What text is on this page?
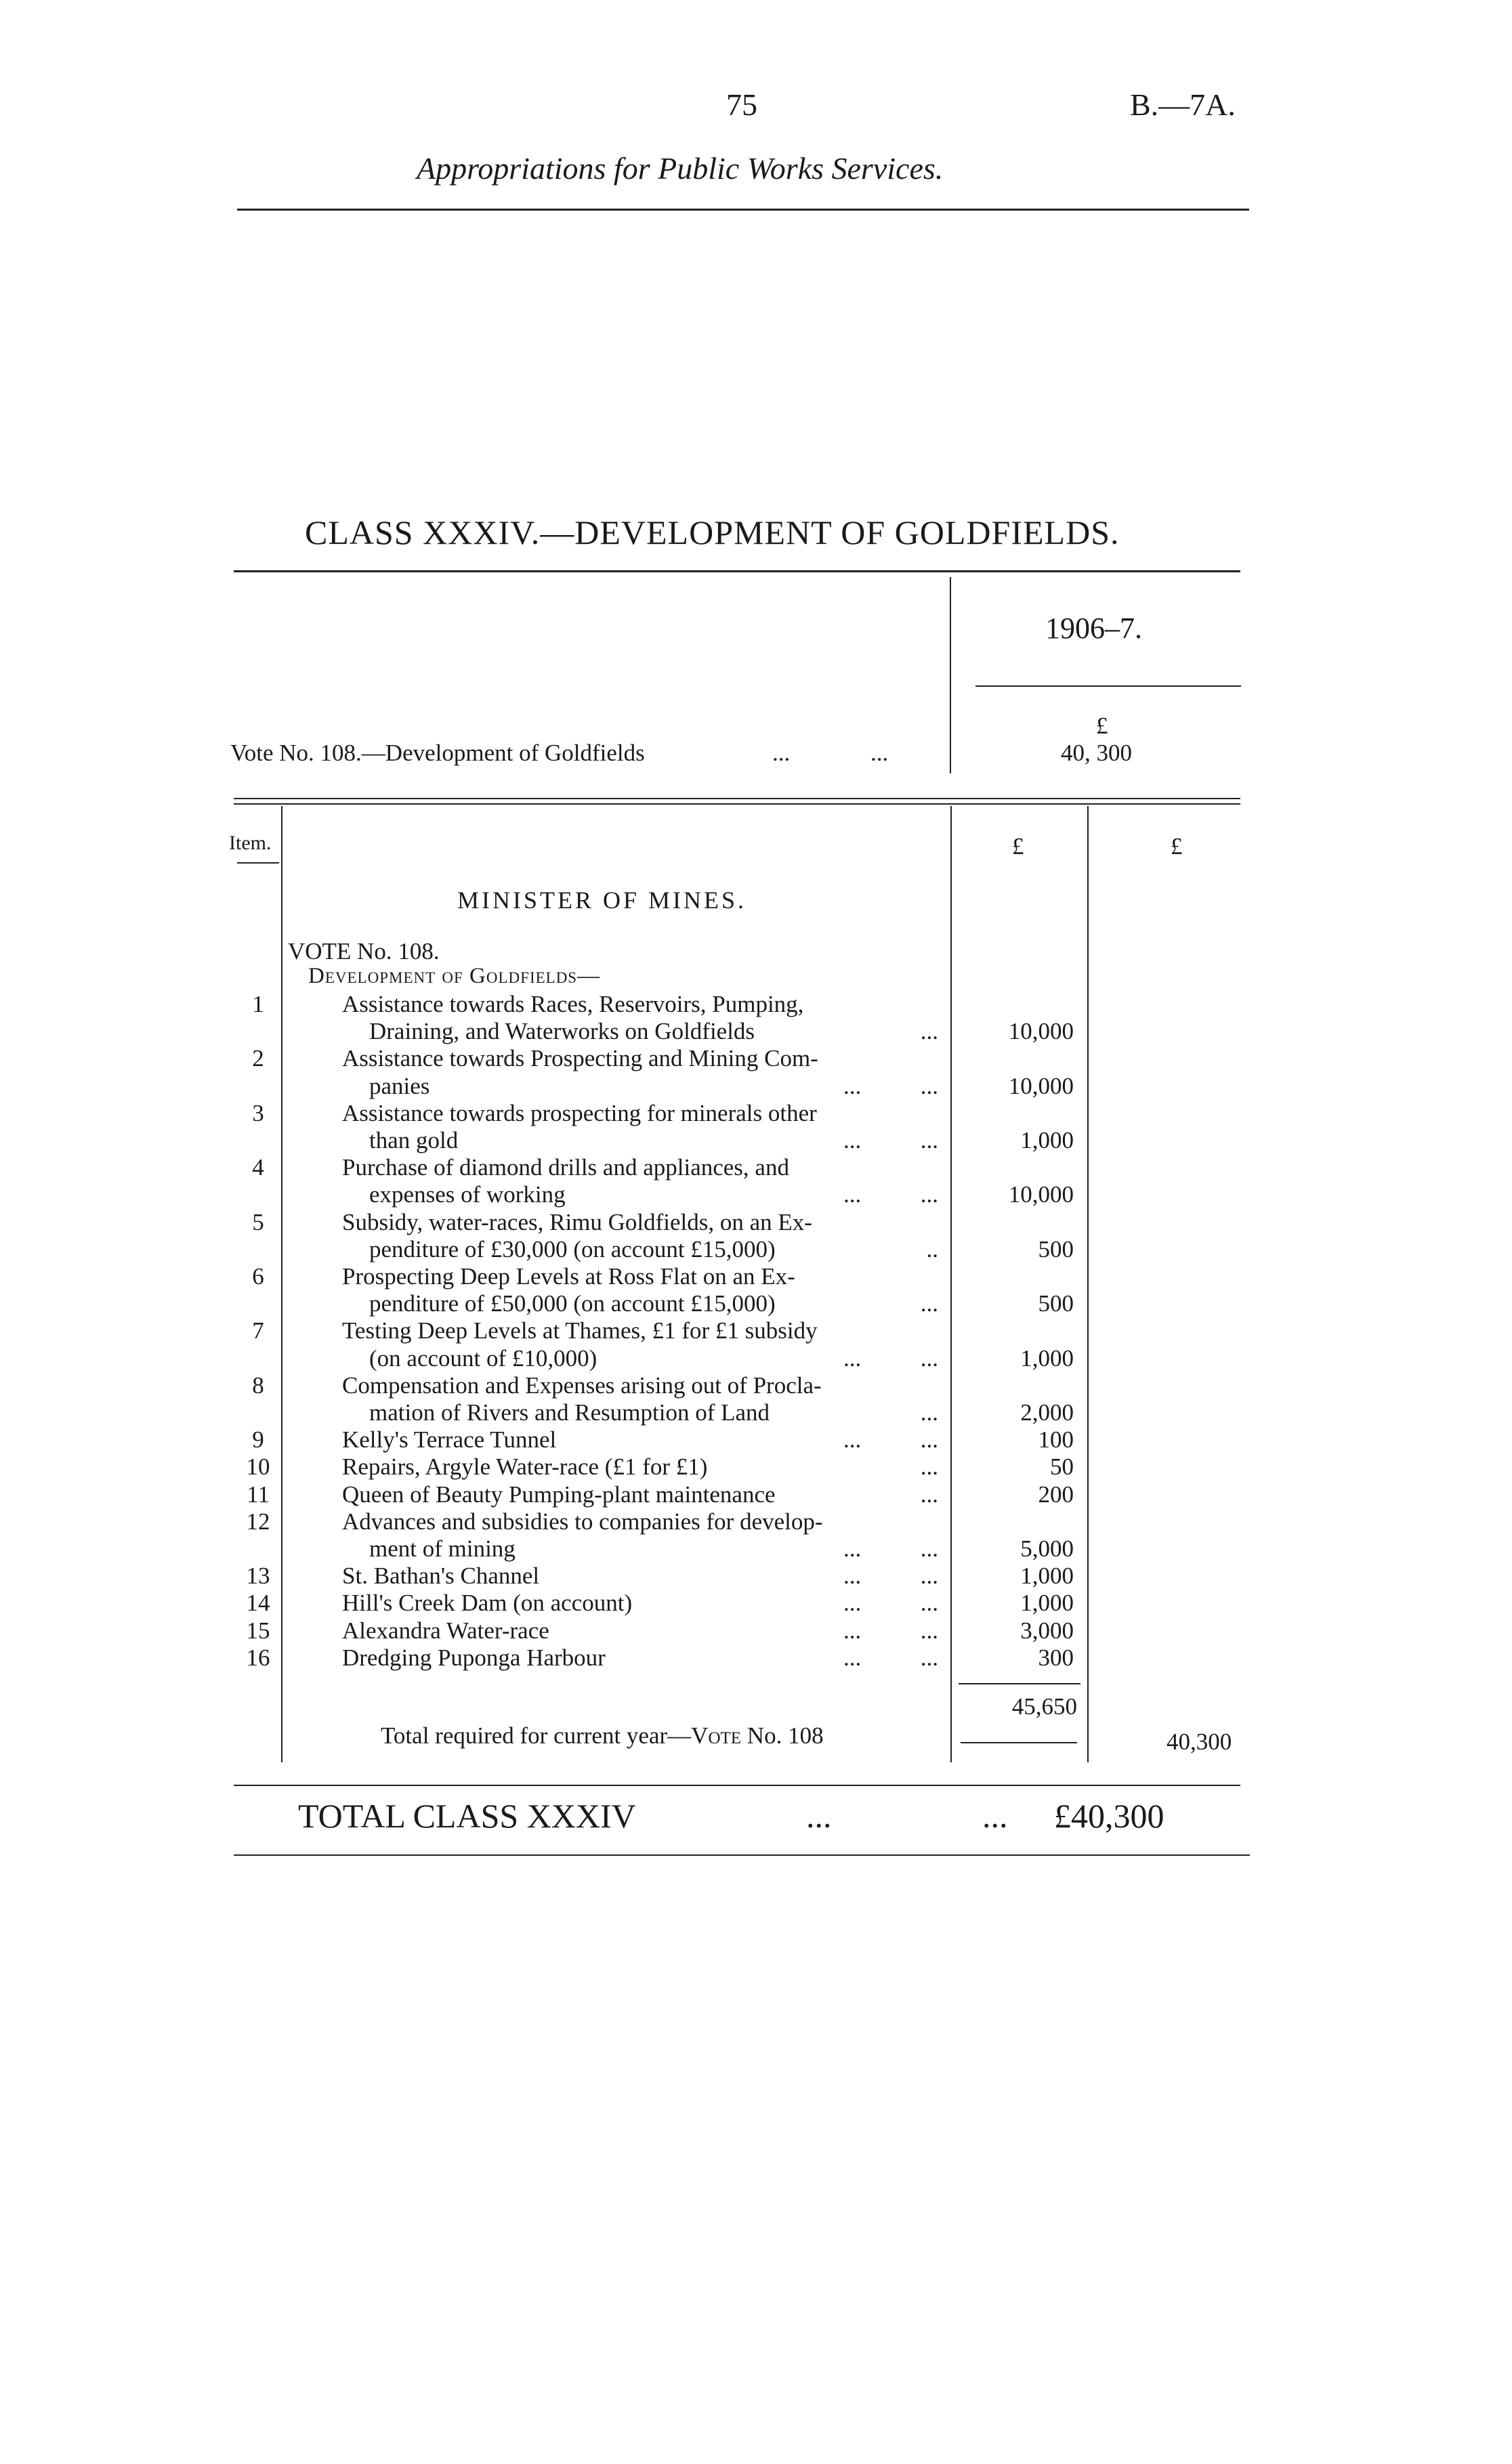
75	B.—7A.
Appropriations for Public Works Services.
CLASS XXXIV.—DEVELOPMENT OF GOLDFIELDS.
1906–7.
£
Vote No. 108.—Development of Goldfields	...	...	40, 300
Item.	£	£
MINISTER OF MINES.
VOTE No. 108.
Development of Goldfields—
1	Assistance towards Races, Reservoirs, Pumping,
Draining, and Waterworks on Goldfields	...	10,000
2	Assistance towards Prospecting and Mining Com-
panies	...          ...	10,000
3	Assistance towards prospecting for minerals other
than gold	...          ...	1,000
4	Purchase of diamond drills and appliances, and
expenses of working	...          ...	10,000
5	Subsidy, water-races, Rimu Goldfields, on an Ex-
penditure of £30,000 (on account £15,000)	..	500
6	Prospecting Deep Levels at Ross Flat on an Ex-
penditure of £50,000 (on account £15,000)	...	500
7	Testing Deep Levels at Thames, £1 for £1 subsidy
(on account of £10,000)	...          ...	1,000
8	Compensation and Expenses arising out of Procla-
mation of Rivers and Resumption of Land	...	2,000
9	Kelly's Terrace Tunnel	...          ...	100
10	Repairs, Argyle Water-race (£1 for £1)	...	50
11	Queen of Beauty Pumping-plant maintenance	...	200
12	Advances and subsidies to companies for develop-
ment of mining	...          ...	5,000
13	St. Bathan's Channel	...          ...	1,000
14	Hill's Creek Dam (on account)	...          ...	1,000
15	Alexandra Water-race	...          ...	3,000
16	Dredging Puponga Harbour	...          ...	300
45,650
Total required for current year—Vote No. 108	40,300
TOTAL CLASS XXXIV	...	... £40,300
